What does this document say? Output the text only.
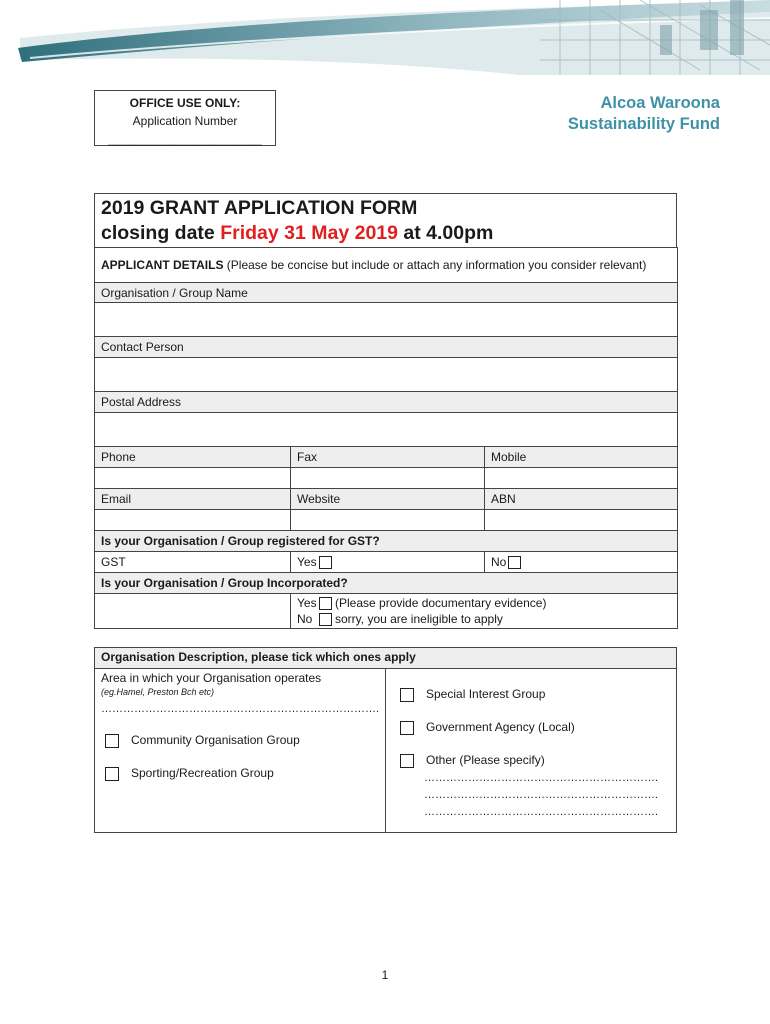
OFFICE USE ONLY:
Application Number
_______________________
Alcoa Waroona
Sustainability Fund
2019 GRANT APPLICATION FORM
closing date Friday 31 May 2019 at 4.00pm
APPLICANT DETAILS (Please be concise but include or attach any information you consider relevant)		
Organisation / Group Name		

Contact Person		

Postal Address		

Phone	Fax	Mobile

Email	Website	ABN

Is your Organisation / Group registered for GST?		
GST	Yes	No
Is your Organisation / Group Incorporated?		

	Yes (Please provide documentary evidence)
No sorry, you are ineligible to apply	
Organisation Description, please tick which ones apply
Area in which your Organisation operates
(eg.Hamel, Preston Bch etc)
………………………………………………………………….
Community Organisation Group
Sporting/Recreation Group
Special Interest Group
Government Agency (Local)
Other (Please specify)
……………………………………………………….
……………………………………………………….
……………………………………………………….
1
